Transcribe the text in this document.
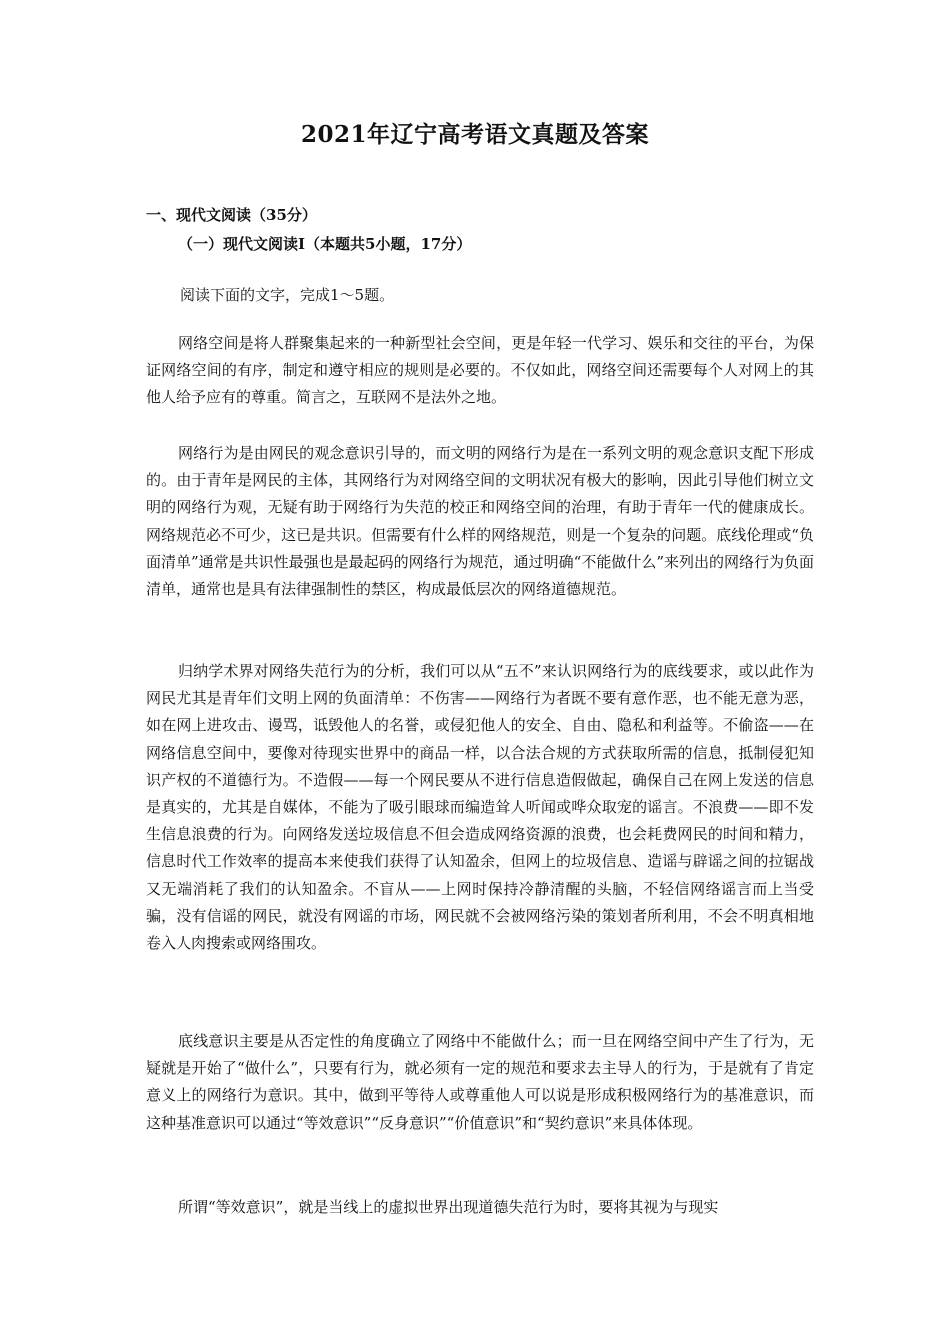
2021年辽宁高考语文真题及答案
一、现代文阅读（35分）
（一）现代文阅读Ⅰ（本题共5小题，17分）
阅读下面的文字，完成1～5题。

网络空间是将人群聚集起来的一种新型社会空间，更是年轻一代学习、娱乐和交往的平台，为保证网络空间的有序，制定和遵守相应的规则是必要的。不仅如此，网络空间还需要每个人对网上的其他人给予应有的尊重。简言之，互联网不是法外之地。

网络行为是由网民的观念意识引导的，而文明的网络行为是在一系列文明的观念意识支配下形成的。由于青年是网民的主体，其网络行为对网络空间的文明状况有极大的影响，因此引导他们树立文明的网络行为观，无疑有助于网络行为失范的校正和网络空间的治理，有助于青年一代的健康成长。网络规范必不可少，这已是共识。但需要有什么样的网络规范，则是一个复杂的问题。底线伦理或“负面清单”通常是共识性最强也是最起码的网络行为规范，通过明确“不能做什么”来列出的网络行为负面清单，通常也是具有法律强制性的禁区，构成最低层次的网络道德规范。

归纳学术界对网络失范行为的分析，我们可以从“五不”来认识网络行为的底线要求，或以此作为网民尤其是青年们文明上网的负面清单：不伤害——网络行为者既不要有意作恶，也不能无意为恶，如在网上进攻击、谩骂，诋毁他人的名誉，或侵犯他人的安全、自由、隐私和利益等。不偷盗——在网络信息空间中，要像对待现实世界中的商品一样，以合法合规的方式获取所需的信息，抵制侵犯知识产权的不道德行为。不造假——每一个网民要从不进行信息造假做起，确保自己在网上发送的信息是真实的，尤其是自媒体，不能为了吸引眼球而编造耸人听闻或哗众取宠的谣言。不浪费——即不发生信息浪费的行为。向网络发送垃圾信息不但会造成网络资源的浪费，也会耗费网民的时间和精力，信息时代工作效率的提高本来使我们获得了认知盈余，但网上的垃圾信息、造谣与辟谣之间的拉锯战又无端消耗了我们的认知盈余。不盲从——上网时保持冷静清醒的头脑，不轻信网络谣言而上当受骗，没有信谣的网民，就没有网谣的市场，网民就不会被网络污染的策划者所利用，不会不明真相地卷入人肉搜索或网络围攻。

底线意识主要是从否定性的角度确立了网络中不能做什么；而一旦在网络空间中产生了行为，无疑就是开始了“做什么”，只要有行为，就必须有一定的规范和要求去主导人的行为，于是就有了肯定意义上的网络行为意识。其中，做到平等待人或尊重他人可以说是形成积极网络行为的基准意识，而这种基准意识可以通过“等效意识”“反身意识”“价值意识”和“契约意识”来具体体现。

所谓“等效意识”，就是当线上的虚拟世界出现道德失范行为时，要将其视为与现实
